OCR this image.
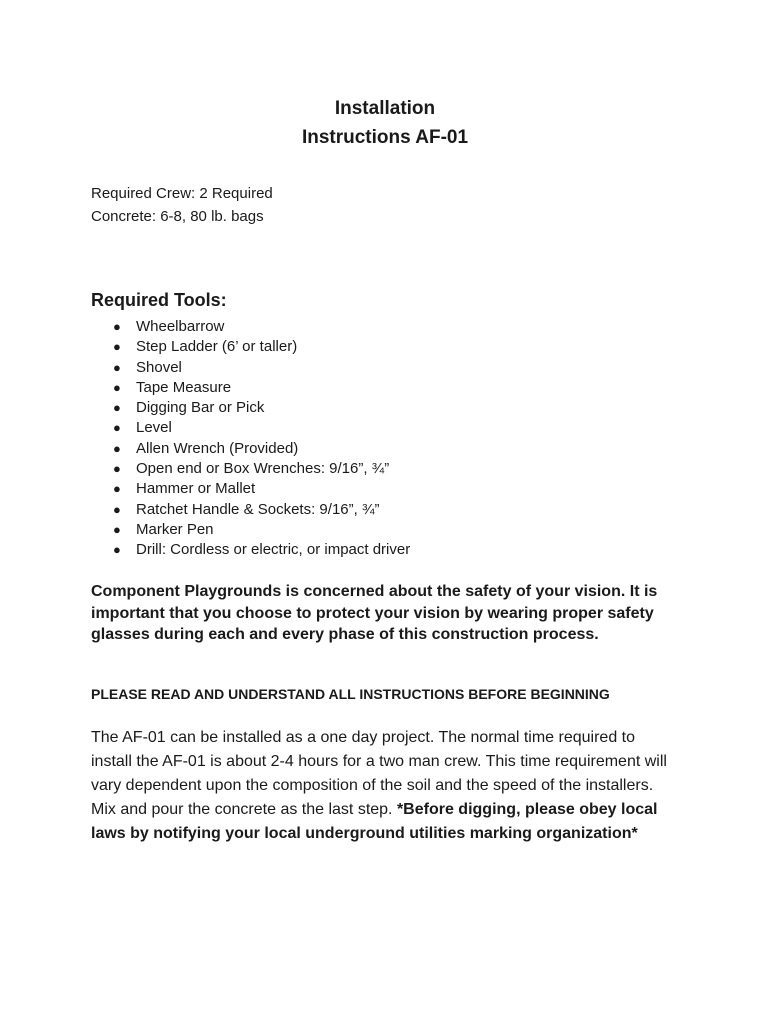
Installation
Instructions AF-01
Required Crew: 2 Required
Concrete: 6-8, 80 lb. bags
Required Tools:
● Wheelbarrow
● Step Ladder (6’ or taller)
● Shovel
● Tape Measure
● Digging Bar or Pick
● Level
● Allen Wrench (Provided)
● Open end or Box Wrenches: 9/16”, ¾”
● Hammer or Mallet
● Ratchet Handle & Sockets: 9/16”, ¾”
● Marker Pen
● Drill: Cordless or electric, or impact driver
Component Playgrounds is concerned about the safety of your vision. It is important that you choose to protect your vision by wearing proper safety glasses during each and every phase of this construction process.
PLEASE READ AND UNDERSTAND ALL INSTRUCTIONS BEFORE BEGINNING
The AF-01 can be installed as a one day project. The normal time required to install the AF-01 is about 2-4 hours for a two man crew. This time requirement will vary dependent upon the composition of the soil and the speed of the installers. Mix and pour the concrete as the last step. *Before digging, please obey local laws by notifying your local underground utilities marking organization*
